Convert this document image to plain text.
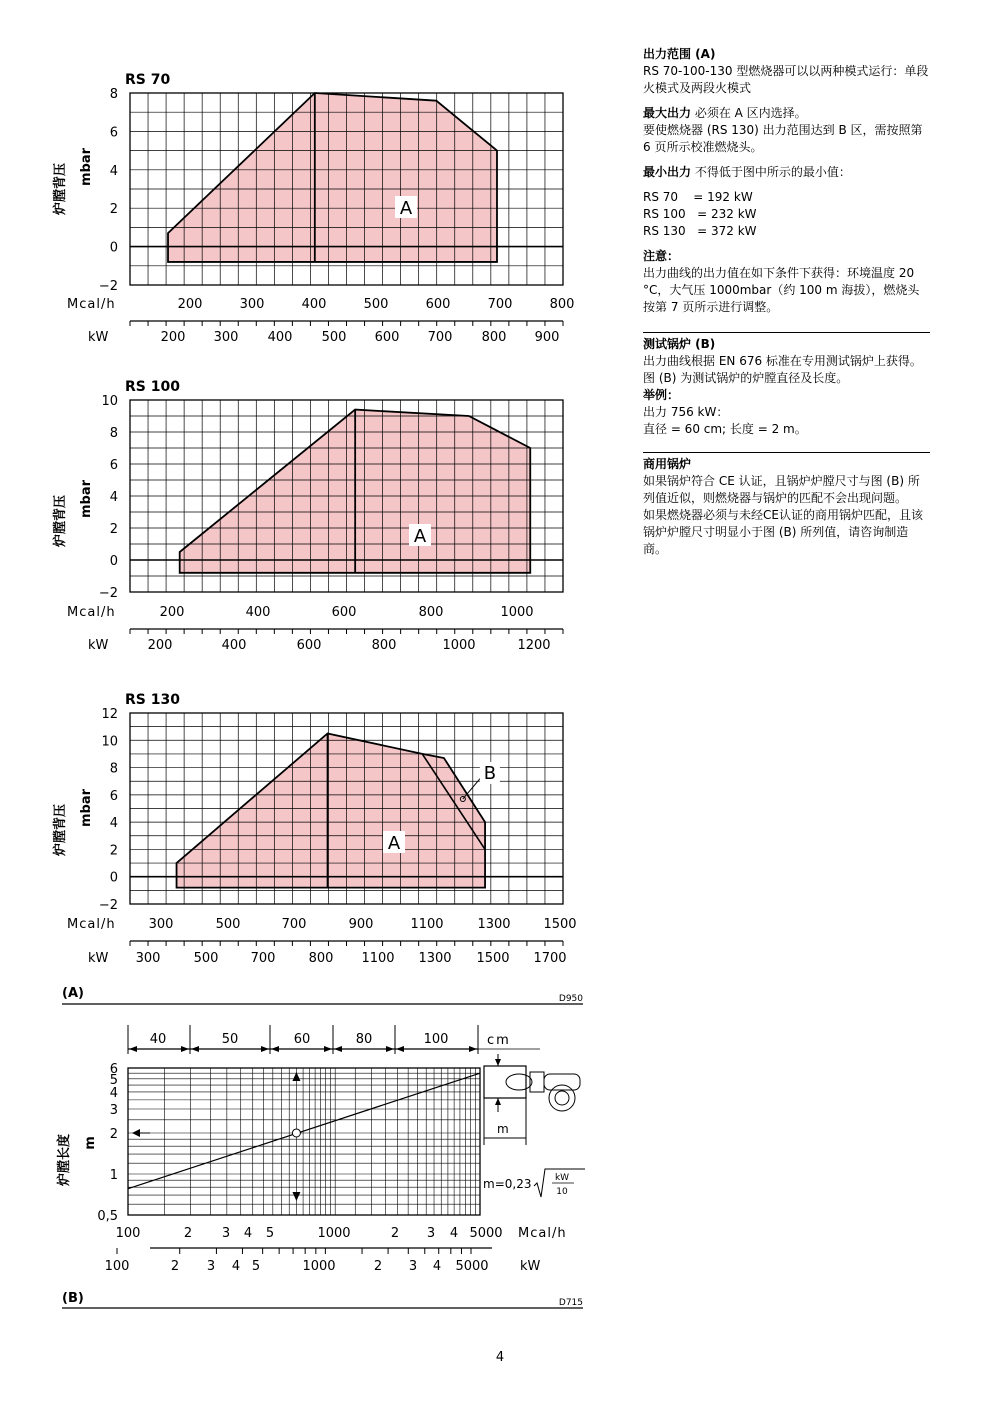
RS 70
A
8
6
4
2
0
−2
炉膛背压 mbar
Mcal/h	200	300	400	500	600	700	800
kW	200 300 400 500 600 700 800 900
RS 100
A
10
8
6
4
2
0
−2
炉膛背压 mbar
Mcal/h	200	400	600	800	1000
kW	200	400	600	800	1000	1200
RS 130
B
A
12
10
8
6
4
2
0
−2
炉膛背压 mbar
Mcal/h	300	500	700	900	1100	1300	1500
kW 300	500 700	800 1100 1300 1500 1700
(A)	D950
6
5
4
3
2
1
0,5
炉膛长度 m
40	50	60	80	100	cm
m
m=0,23	kW
10
100	2 3 4 5	1000	2 3 4 5000 Mcal/h
100	2 3 4 5	1000	2 3 4 5000 kW
(B)	D715

出力范围 (A)

RS 70-100-130 型燃烧器可以以两种模式运行：单段火模式及两段火模式

最大出力 必须在 A 区内选择。

要使燃烧器 (RS 130) 出力范围达到 B 区，需按照第 6 页所示校准燃烧头。

最小出力 不得低于图中所示的最小值：

RS 70    = 192 kW

RS 100   = 232 kW

RS 130   = 372 kW

注意：

出力曲线的出力值在如下条件下获得：环境温度 20 °C，大气压 1000mbar（约 100 m 海拔），燃烧头按第 7 页所示进行调整。

测试锅炉 (B)

出力曲线根据 EN 676 标准在专用测试锅炉上获得。图 (B) 为测试锅炉的炉膛直径及长度。

举例：

出力 756 kW：

直径 = 60 cm; 长度 = 2 m。

商用锅炉

如果锅炉符合 CE 认证，且锅炉炉膛尺寸与图 (B) 所列值近似，则燃烧器与锅炉的匹配不会出现问题。

如果燃烧器必须与未经CE认证的商用锅炉匹配，且该锅炉炉膛尺寸明显小于图 (B) 所列值，请咨询制造商。

4
